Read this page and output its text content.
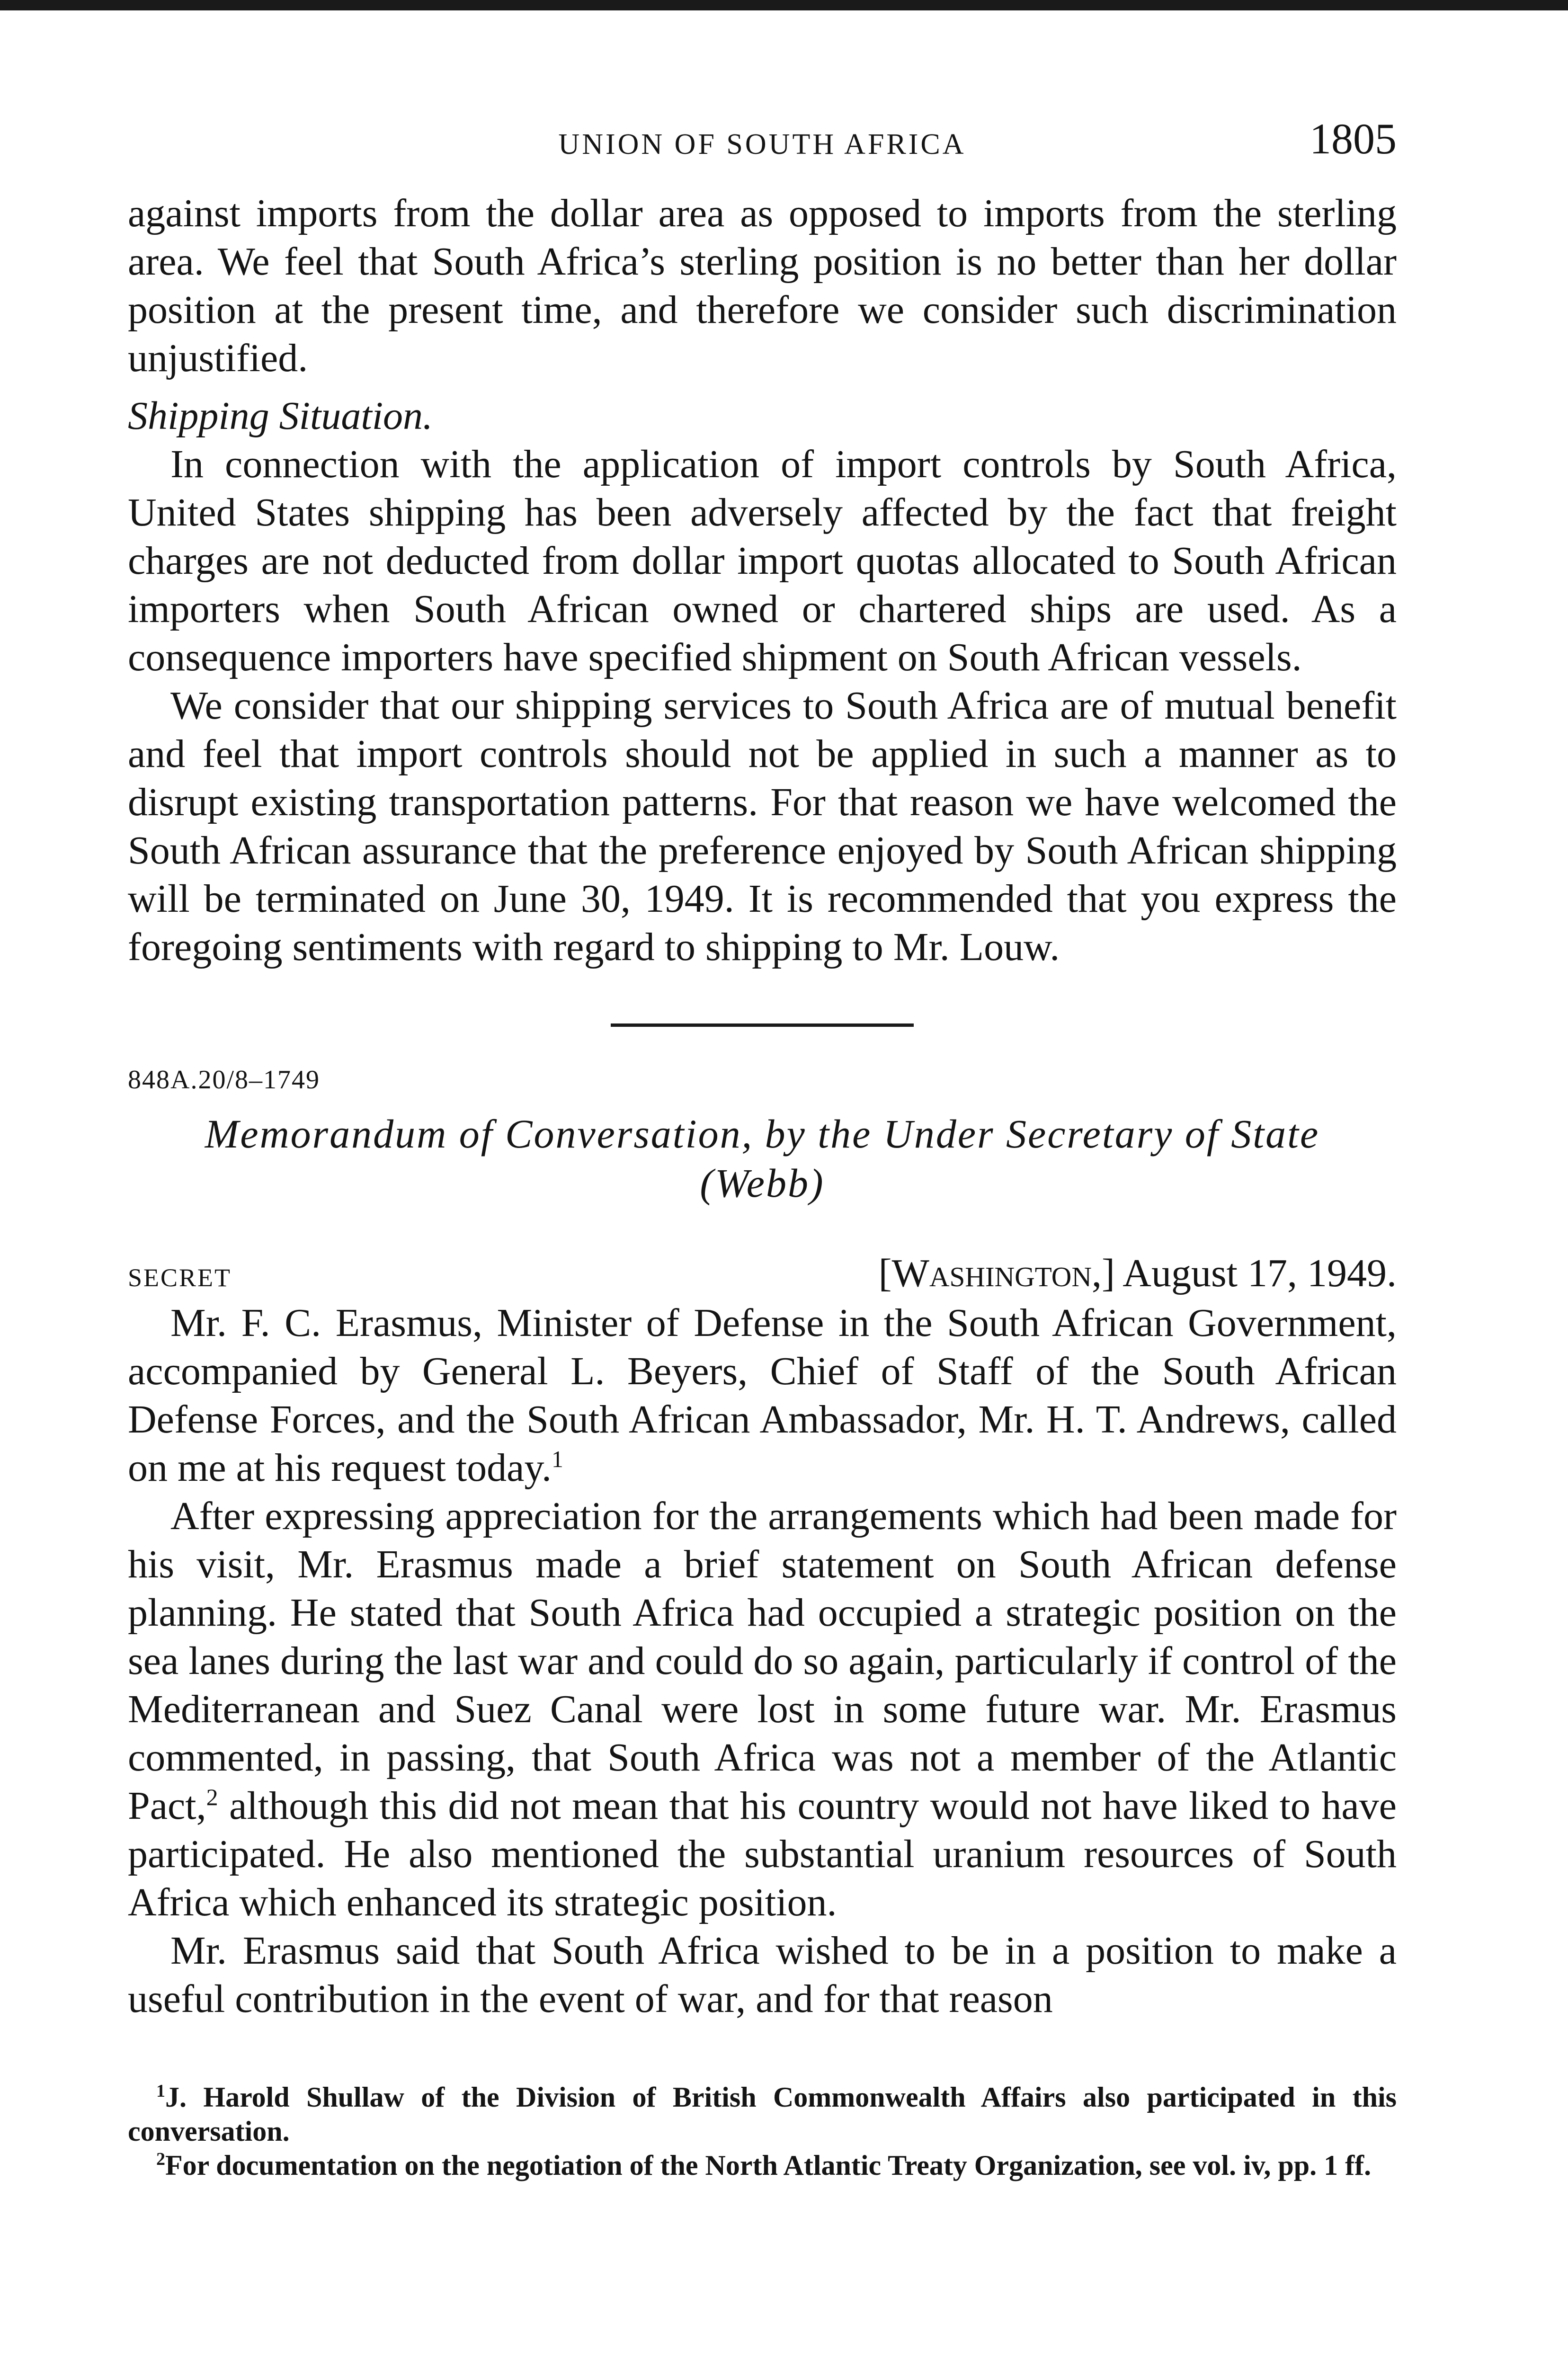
UNION OF SOUTH AFRICA	1805

against imports from the dollar area as opposed to imports from the sterling area. We feel that South Africa’s sterling position is no better than her dollar position at the present time, and therefore we consider such discrimination unjustified.

Shipping Situation.

In connection with the application of import controls by South Africa, United States shipping has been adversely affected by the fact that freight charges are not deducted from dollar import quotas allocated to South African importers when South African owned or chartered ships are used. As a consequence importers have specified shipment on South African vessels.

We consider that our shipping services to South Africa are of mutual benefit and feel that import controls should not be applied in such a manner as to disrupt existing transportation patterns. For that reason we have welcomed the South African assurance that the preference enjoyed by South African shipping will be terminated on June 30, 1949. It is recommended that you express the foregoing sentiments with regard to shipping to Mr. Louw.

848A.20/8–1749
Memorandum of Conversation, by the Under Secretary of State
(Webb)
SECRET	[Washington,] August 17, 1949.

Mr. F. C. Erasmus, Minister of Defense in the South African Government, accompanied by General L. Beyers, Chief of Staff of the South African Defense Forces, and the South African Ambassador, Mr. H. T. Andrews, called on me at his request today.$^1$

After expressing appreciation for the arrangements which had been made for his visit, Mr. Erasmus made a brief statement on South African defense planning. He stated that South Africa had occupied a strategic position on the sea lanes during the last war and could do so again, particularly if control of the Mediterranean and Suez Canal were lost in some future war. Mr. Erasmus commented, in passing, that South Africa was not a member of the Atlantic Pact,$^2$ although this did not mean that his country would not have liked to have participated. He also mentioned the substantial uranium resources of South Africa which enhanced its strategic position.

Mr. Erasmus said that South Africa wished to be in a position to make a useful contribution in the event of war, and for that reason

$^1$J. Harold Shullaw of the Division of British Commonwealth Affairs also participated in this conversation.
$^2$For documentation on the negotiation of the North Atlantic Treaty Organization, see vol. iv, pp. 1 ff.
